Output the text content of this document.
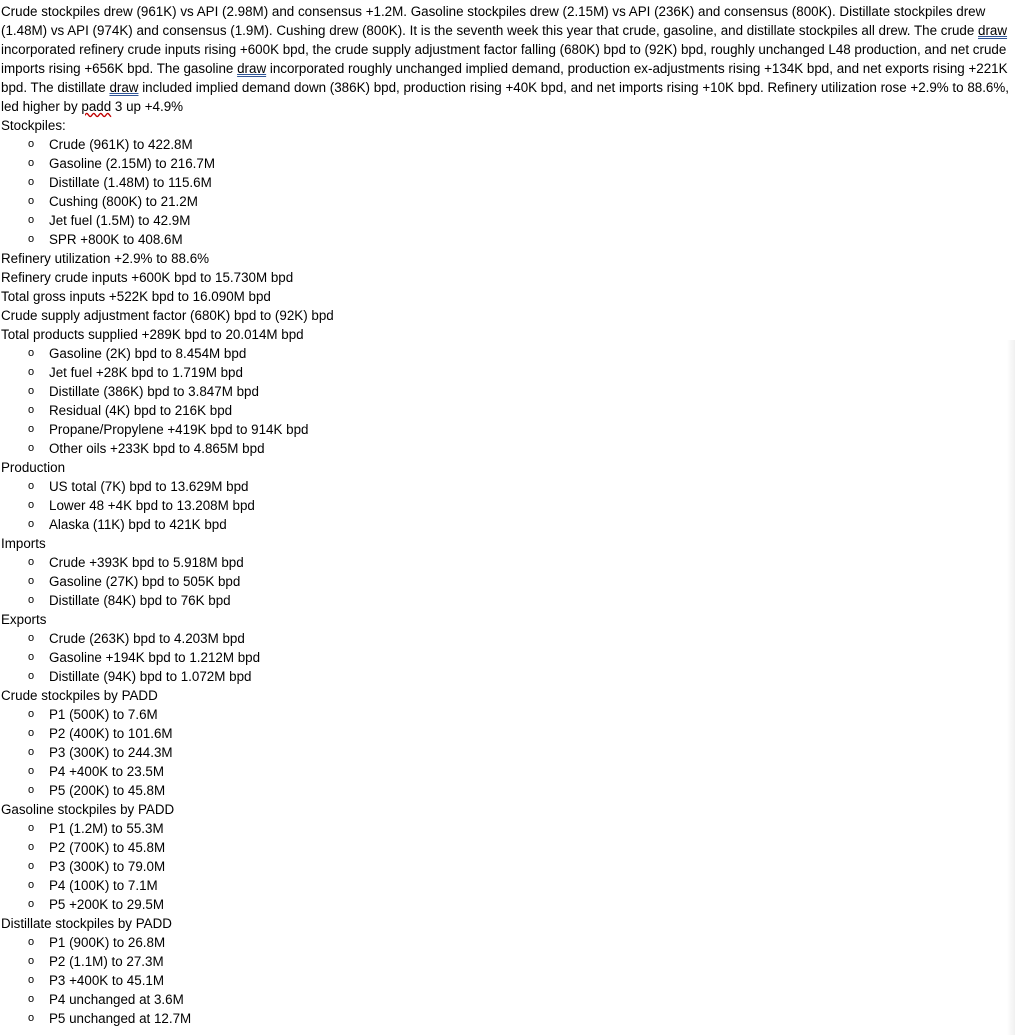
Crude stockpiles drew (961K) vs API (2.98M) and consensus +1.2M. Gasoline stockpiles drew (2.15M) vs API (236K) and consensus (800K). Distillate stockpiles drew (1.48M) vs API (974K) and consensus (1.9M). Cushing drew (800K). It is the seventh week this year that crude, gasoline, and distillate stockpiles all drew. The crude draw incorporated refinery crude inputs rising +600K bpd, the crude supply adjustment factor falling (680K) bpd to (92K) bpd, roughly unchanged L48 production, and net crude imports rising +656K bpd. The gasoline draw incorporated roughly unchanged implied demand, production ex-adjustments rising +134K bpd, and net exports rising +221K bpd. The distillate draw included implied demand down (386K) bpd, production rising +40K bpd, and net imports rising +10K bpd. Refinery utilization rose +2.9% to 88.6%, led higher by padd 3 up +4.9%

Stockpiles:

o Crude (961K) to 422.8M
o Gasoline (2.15M) to 216.7M
o Distillate (1.48M) to 115.6M
o Cushing (800K) to 21.2M
o Jet fuel (1.5M) to 42.9M
o SPR +800K to 408.6M

Refinery utilization +2.9% to 88.6%

Refinery crude inputs +600K bpd to 15.730M bpd

Total gross inputs +522K bpd to 16.090M bpd

Crude supply adjustment factor (680K) bpd to (92K) bpd

Total products supplied +289K bpd to 20.014M bpd

o Gasoline (2K) bpd to 8.454M bpd
o Jet fuel +28K bpd to 1.719M bpd
o Distillate (386K) bpd to 3.847M bpd
o Residual (4K) bpd to 216K bpd
o Propane/Propylene +419K bpd to 914K bpd
o Other oils +233K bpd to 4.865M bpd

Production

o US total (7K) bpd to 13.629M bpd
o Lower 48 +4K bpd to 13.208M bpd
o Alaska (11K) bpd to 421K bpd

Imports

o Crude +393K bpd to 5.918M bpd
o Gasoline (27K) bpd to 505K bpd
o Distillate (84K) bpd to 76K bpd

Exports

o Crude (263K) bpd to 4.203M bpd
o Gasoline +194K bpd to 1.212M bpd
o Distillate (94K) bpd to 1.072M bpd

Crude stockpiles by PADD

o P1 (500K) to 7.6M
o P2 (400K) to 101.6M
o P3 (300K) to 244.3M
o P4 +400K to 23.5M
o P5 (200K) to 45.8M

Gasoline stockpiles by PADD

o P1 (1.2M) to 55.3M
o P2 (700K) to 45.8M
o P3 (300K) to 79.0M
o P4 (100K) to 7.1M
o P5 +200K to 29.5M

Distillate stockpiles by PADD

o P1 (900K) to 26.8M
o P2 (1.1M) to 27.3M
o P3 +400K to 45.1M
o P4 unchanged at 3.6M
o P5 unchanged at 12.7M
